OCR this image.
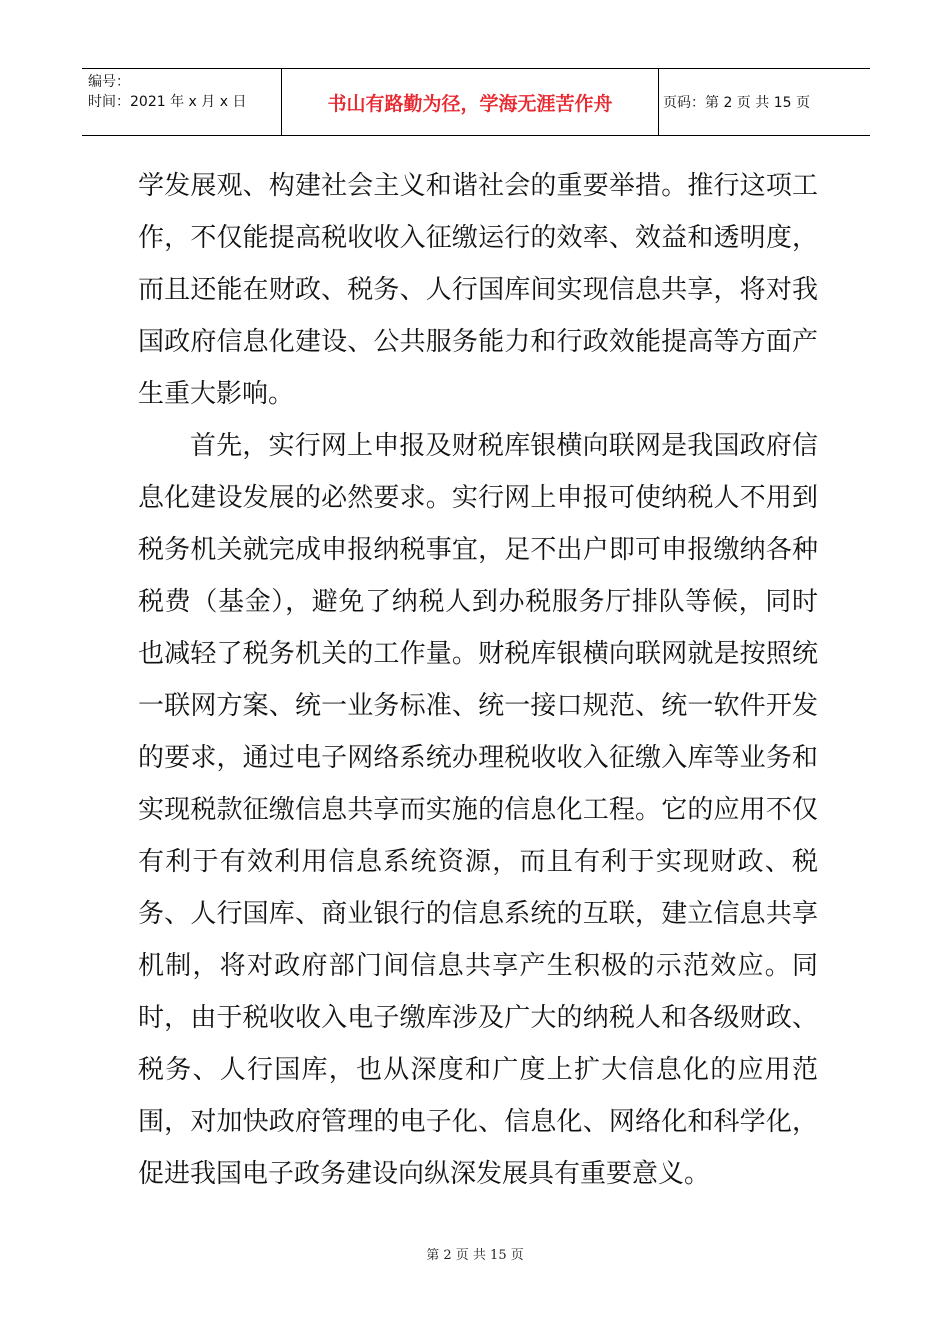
编号：
时间：2021 年 x 月 x 日	书山有路勤为径，学海无涯苦作舟	页码：第 2 页 共 15 页

学发展观、构建社会主义和谐社会的重要举措。推行这项工作，不仅能提高税收收入征缴运行的效率、效益和透明度，而且还能在财政、税务、人行国库间实现信息共享，将对我国政府信息化建设、公共服务能力和行政效能提高等方面产生重大影响。

首先，实行网上申报及财税库银横向联网是我国政府信息化建设发展的必然要求。实行网上申报可使纳税人不用到税务机关就完成申报纳税事宜，足不出户即可申报缴纳各种税费（基金），避免了纳税人到办税服务厅排队等候，同时也减轻了税务机关的工作量。财税库银横向联网就是按照统一联网方案、统一业务标准、统一接口规范、统一软件开发的要求，通过电子网络系统办理税收收入征缴入库等业务和实现税款征缴信息共享而实施的信息化工程。它的应用不仅有利于有效利用信息系统资源，而且有利于实现财政、税务、人行国库、商业银行的信息系统的互联，建立信息共享机制，将对政府部门间信息共享产生积极的示范效应。同时，由于税收收入电子缴库涉及广大的纳税人和各级财政、税务、人行国库，也从深度和广度上扩大信息化的应用范围，对加快政府管理的电子化、信息化、网络化和科学化，促进我国电子政务建设向纵深发展具有重要意义。

第 2 页 共 15 页
